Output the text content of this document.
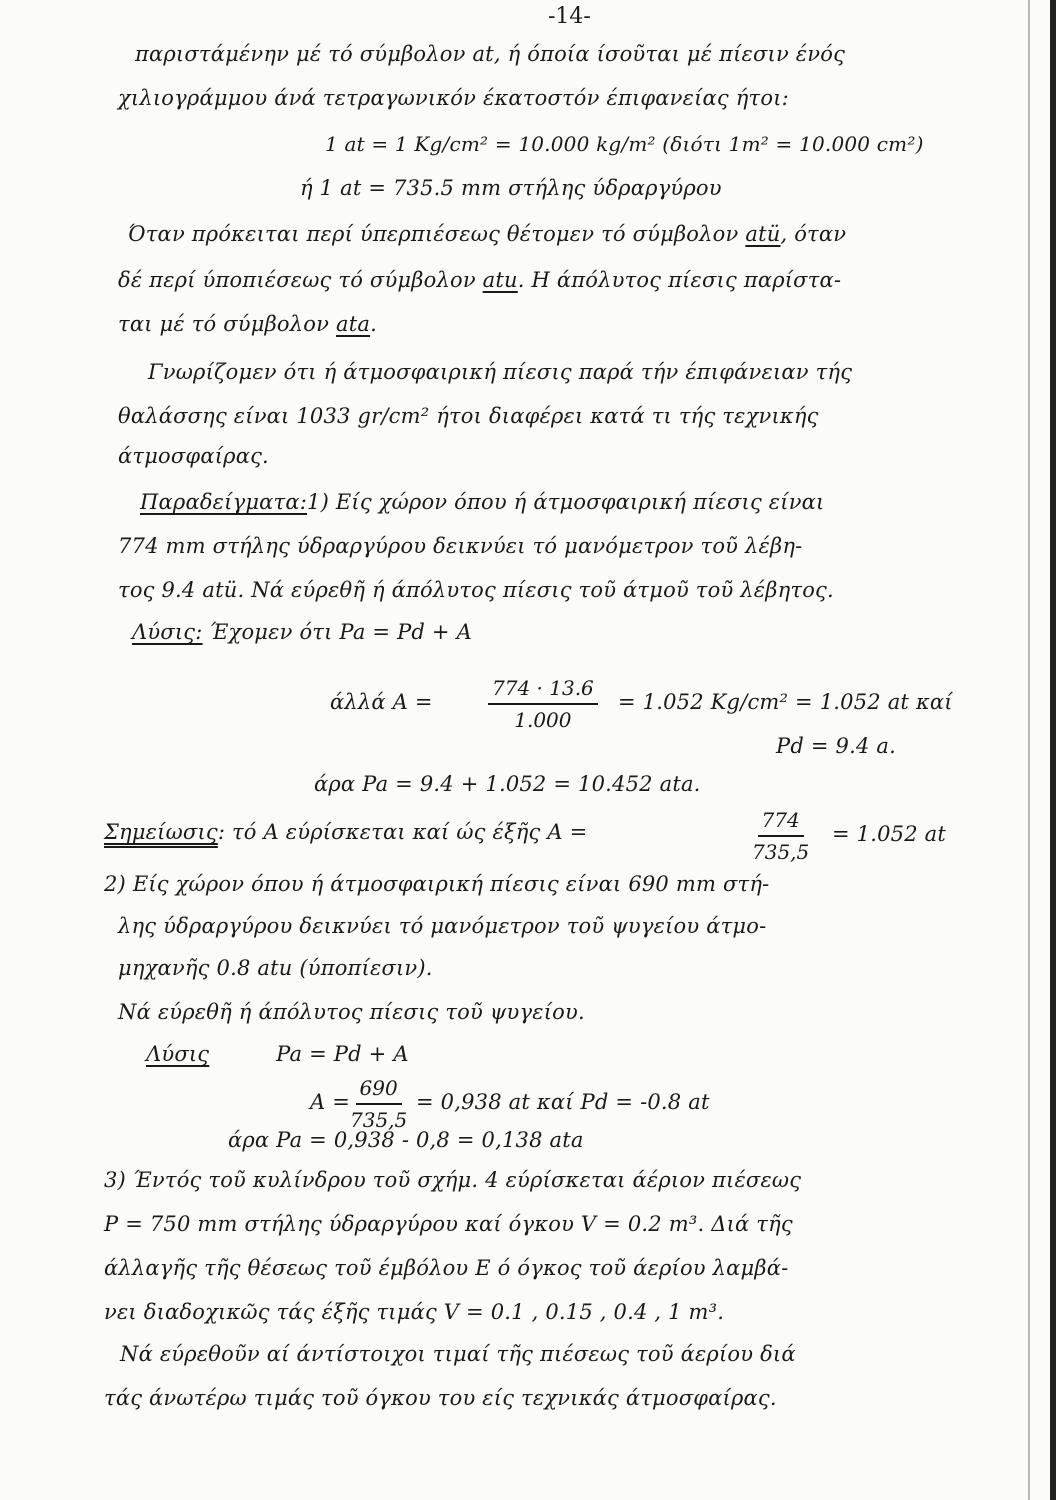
-14-
παριστάμένην μέ τό σύμβολον at, ή όποία ίσοῦται μέ πίεσιν ένός
χιλιογράμμου άνά τετραγωνικόν έκατοστόν έπιφανείας ήτοι:
1 at = 1 Kg/cm² = 10.000 kg/m² (διότι 1m² = 10.000 cm²)
ή 1 at = 735.5 mm στήλης ύδραργύρου
Όταν πρόκειται περί ύπερπιέσεως θέτομεν τό σύμβολον atü, όταν
δέ περί ύποπιέσεως τό σύμβολον atu. Η άπόλυτος πίεσις παρίστα-
ται μέ τό σύμβολον ata.
Γνωρίζομεν ότι ή άτμοσφαιρική πίεσις παρά τήν έπιφάνειαν τής
θαλάσσης είναι 1033 gr/cm² ήτοι διαφέρει κατά τι τής τεχνικής
άτμοσφαίρας.
Παραδείγματα:1) Είς χώρον όπου ή άτμοσφαιρική πίεσις είναι
774 mm στήλης ύδραργύρου δεικνύει τό μανόμετρον τοῦ λέβη-
τος 9.4 atü. Νά εύρεθῆ ή άπόλυτος πίεσις τοῦ άτμοῦ τοῦ λέβητος.
Λύσις: Έχομεν ότι Pa = Pd + A
άλλά A =	$\frac{774 \cdot 13.6}{1.000} = 1.052$ Kg/cm² = 1.052 at καί
Pd = 9.4 a.
άρα Pa = 9.4 + 1.052 = 10.452 ata.
Σημείωσις: τό A εύρίσκεται καί ώς έξῆς A =	$\frac{774}{735,5} = 1.052$ at
2) Είς χώρον όπου ή άτμοσφαιρική πίεσις είναι 690 mm στή-
λης ύδραργύρου δεικνύει τό μανόμετρον τοῦ ψυγείου άτμο-
μηχανῆς 0.8 atu (ύποπίεσιν).
Νά εύρεθῆ ή άπόλυτος πίεσις τοῦ ψυγείου.
Λύσις	Pa = Pd + A
$A = \frac{690}{735,5} = 0,938$ at καί Pd = -0.8 at
άρα Pa = 0,938 - 0,8 = 0,138 ata
3) Έντός τοῦ κυλίνδρου τοῦ σχήμ. 4 εύρίσκεται άέριον πιέσεως
P = 750 mm στήλης ύδραργύρου καί όγκου V = 0.2 m³. Διά τῆς
άλλαγῆς τῆς θέσεως τοῦ έμβόλου E ό όγκος τοῦ άερίου λαμβά-
νει διαδοχικῶς τάς έξῆς τιμάς V = 0.1 , 0.15 , 0.4 , 1 m³.
Νά εύρεθοῦν αί άντίστοιχοι τιμαί τῆς πιέσεως τοῦ άερίου διά
τάς άνωτέρω τιμάς τοῦ όγκου του είς τεχνικάς άτμοσφαίρας.
